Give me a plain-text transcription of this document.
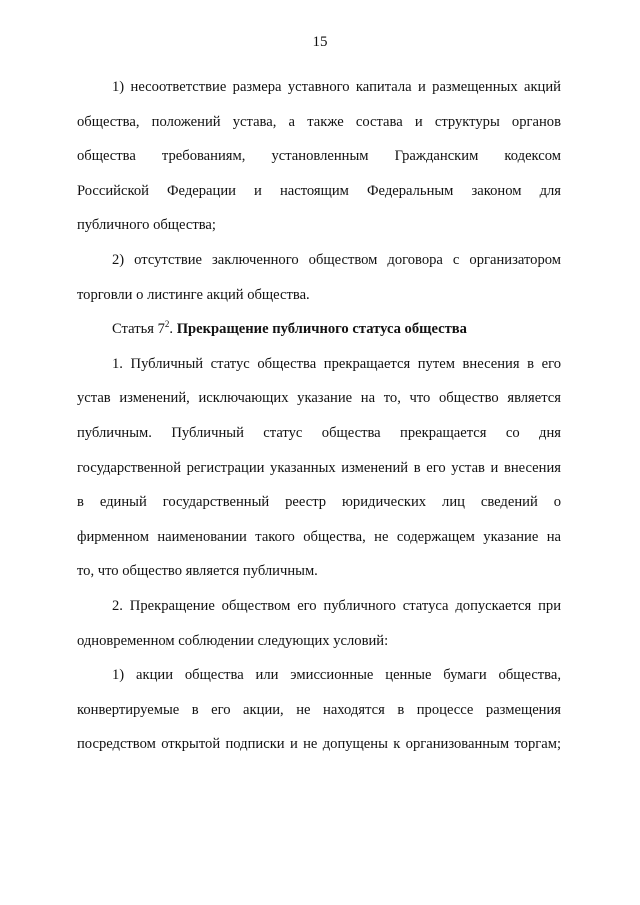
15
1) несоответствие размера уставного капитала и размещенных акций
общества, положений устава, а также состава и структуры органов
общества требованиям, установленным Гражданским кодексом
Российской Федерации и настоящим Федеральным законом для
публичного общества;
2) отсутствие заключенного обществом договора с организатором
торговли о листинге акций общества.
Статья $7^2$. Прекращение публичного статуса общества
1. Публичный статус общества прекращается путем внесения в его
устав изменений, исключающих указание на то, что общество является
публичным. Публичный статус общества прекращается со дня
государственной регистрации указанных изменений в его устав и внесения
в единый государственный реестр юридических лиц сведений о
фирменном наименовании такого общества, не содержащем указание на
то, что общество является публичным.
2. Прекращение обществом его публичного статуса допускается при
одновременном соблюдении следующих условий:
1) акции общества или эмиссионные ценные бумаги общества,
конвертируемые в его акции, не находятся в процессе размещения
посредством открытой подписки и не допущены к организованным торгам;
